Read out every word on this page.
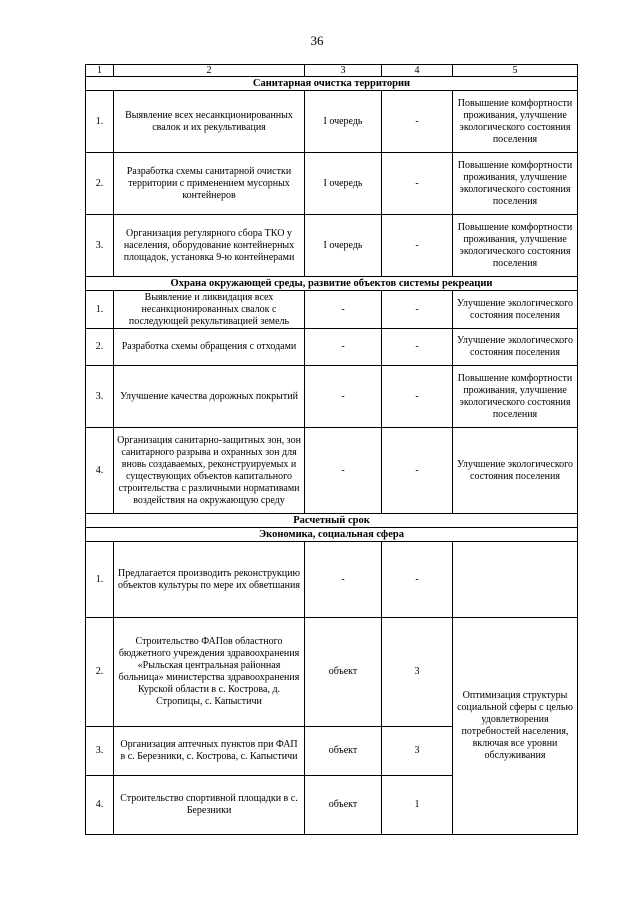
36
1	2	3	4	5
Санитарная очистка территории				
1.	Выявление всех несанкционированных свалок и их рекультивация	I очередь	-	Повышение комфортности проживания, улучшение экологического состояния поселения
2.	Разработка схемы санитарной очистки территории с применением мусорных контейнеров	I очередь	-	Повышение комфортности проживания, улучшение экологического состояния поселения
3.	Организация регулярного сбора ТКО у населения, оборудование контейнерных площадок, установка 9-ю контейнерами	I очередь	-	Повышение комфортности проживания, улучшение экологического состояния поселения
Охрана окружающей среды, развитие объектов системы рекреации				
1.	Выявление и ликвидация всех несанкционированных свалок с последующей рекультивацией земель	-	-	Улучшение экологического состояния поселения
2.	Разработка схемы обращения с отходами	-	-	Улучшение экологического состояния поселения
3.	Улучшение качества дорожных покрытий	-	-	Повышение комфортности проживания, улучшение экологического состояния поселения
4.	Организация санитарно-защитных зон, зон санитарного разрыва и охранных зон для вновь создаваемых, реконструируемых и существующих объектов капитального строительства с различными нормативами воздействия на окружающую среду	-	-	Улучшение экологического состояния поселения
Расчетный срок				
Экономика, социальная сфера				
1.	Предлагается производить реконструкцию объектов культуры по мере их обветшания	-	-	
2.	Строительство ФАПов областного бюджетного учреждения здравоохранения «Рыльская центральная районная больница» министерства здравоохранения Курской области в с. Кострова, д. Стропицы, с. Капыстичи	объект	3	Оптимизация структуры социальной сферы с целью удовлетворения потребностей населения, включая все уровни обслуживания
3.	Организация аптечных пунктов при ФАП в с. Березники, с. Кострова, с. Капыстичи	объект	3	
4.	Строительство спортивной площадки в с. Березники	объект	1	
